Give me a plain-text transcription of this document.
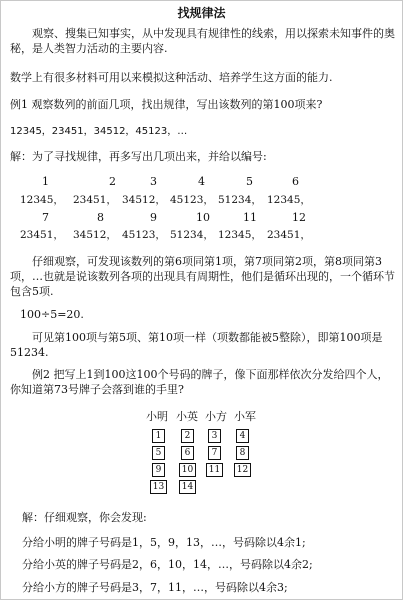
找规律法
观察、搜集已知事实，从中发现具有规律性的线索，用以探索未知事件的奥秘，是人类智力活动的主要内容.
数学上有很多材料可用以来模拟这种活动、培养学生这方面的能力.
例1 观察数列的前面几项，找出规律，写出该数列的第100项来?
12345，23451，34512，45123，…
解：为了寻找规律，再多写出几项出来，并给以编号:
1	2	3	4	5	6
12345， 23451， 34512， 45123， 51234， 12345，
7	8	9	10	11	12
23451， 34512， 45123， 51234， 12345， 23451，
仔细观察，可发现该数列的第6项同第1项，第7项同第2项，第8项同第3项，…也就是说该数列各项的出现具有周期性，他们是循环出现的，一个循环节包含5项.
100÷5=20.
可见第100项与第5项、第10项一样（项数都能被5整除），即第100项是51234.
例2 把写上1到100这100个号码的牌子，像下面那样依次分发给四个人，你知道第73号牌子会落到谁的手里?
小明 小英 小方 小军
1	2	3	4
5	6	7	8
9	10	11	12
13	14
解：仔细观察，你会发现:
分给小明的牌子号码是1，5，9，13，…，号码除以4余1;
分给小英的牌子号码是2，6，10，14，…，号码除以4余2;
分给小方的牌子号码是3，7，11，…，号码除以4余3;
